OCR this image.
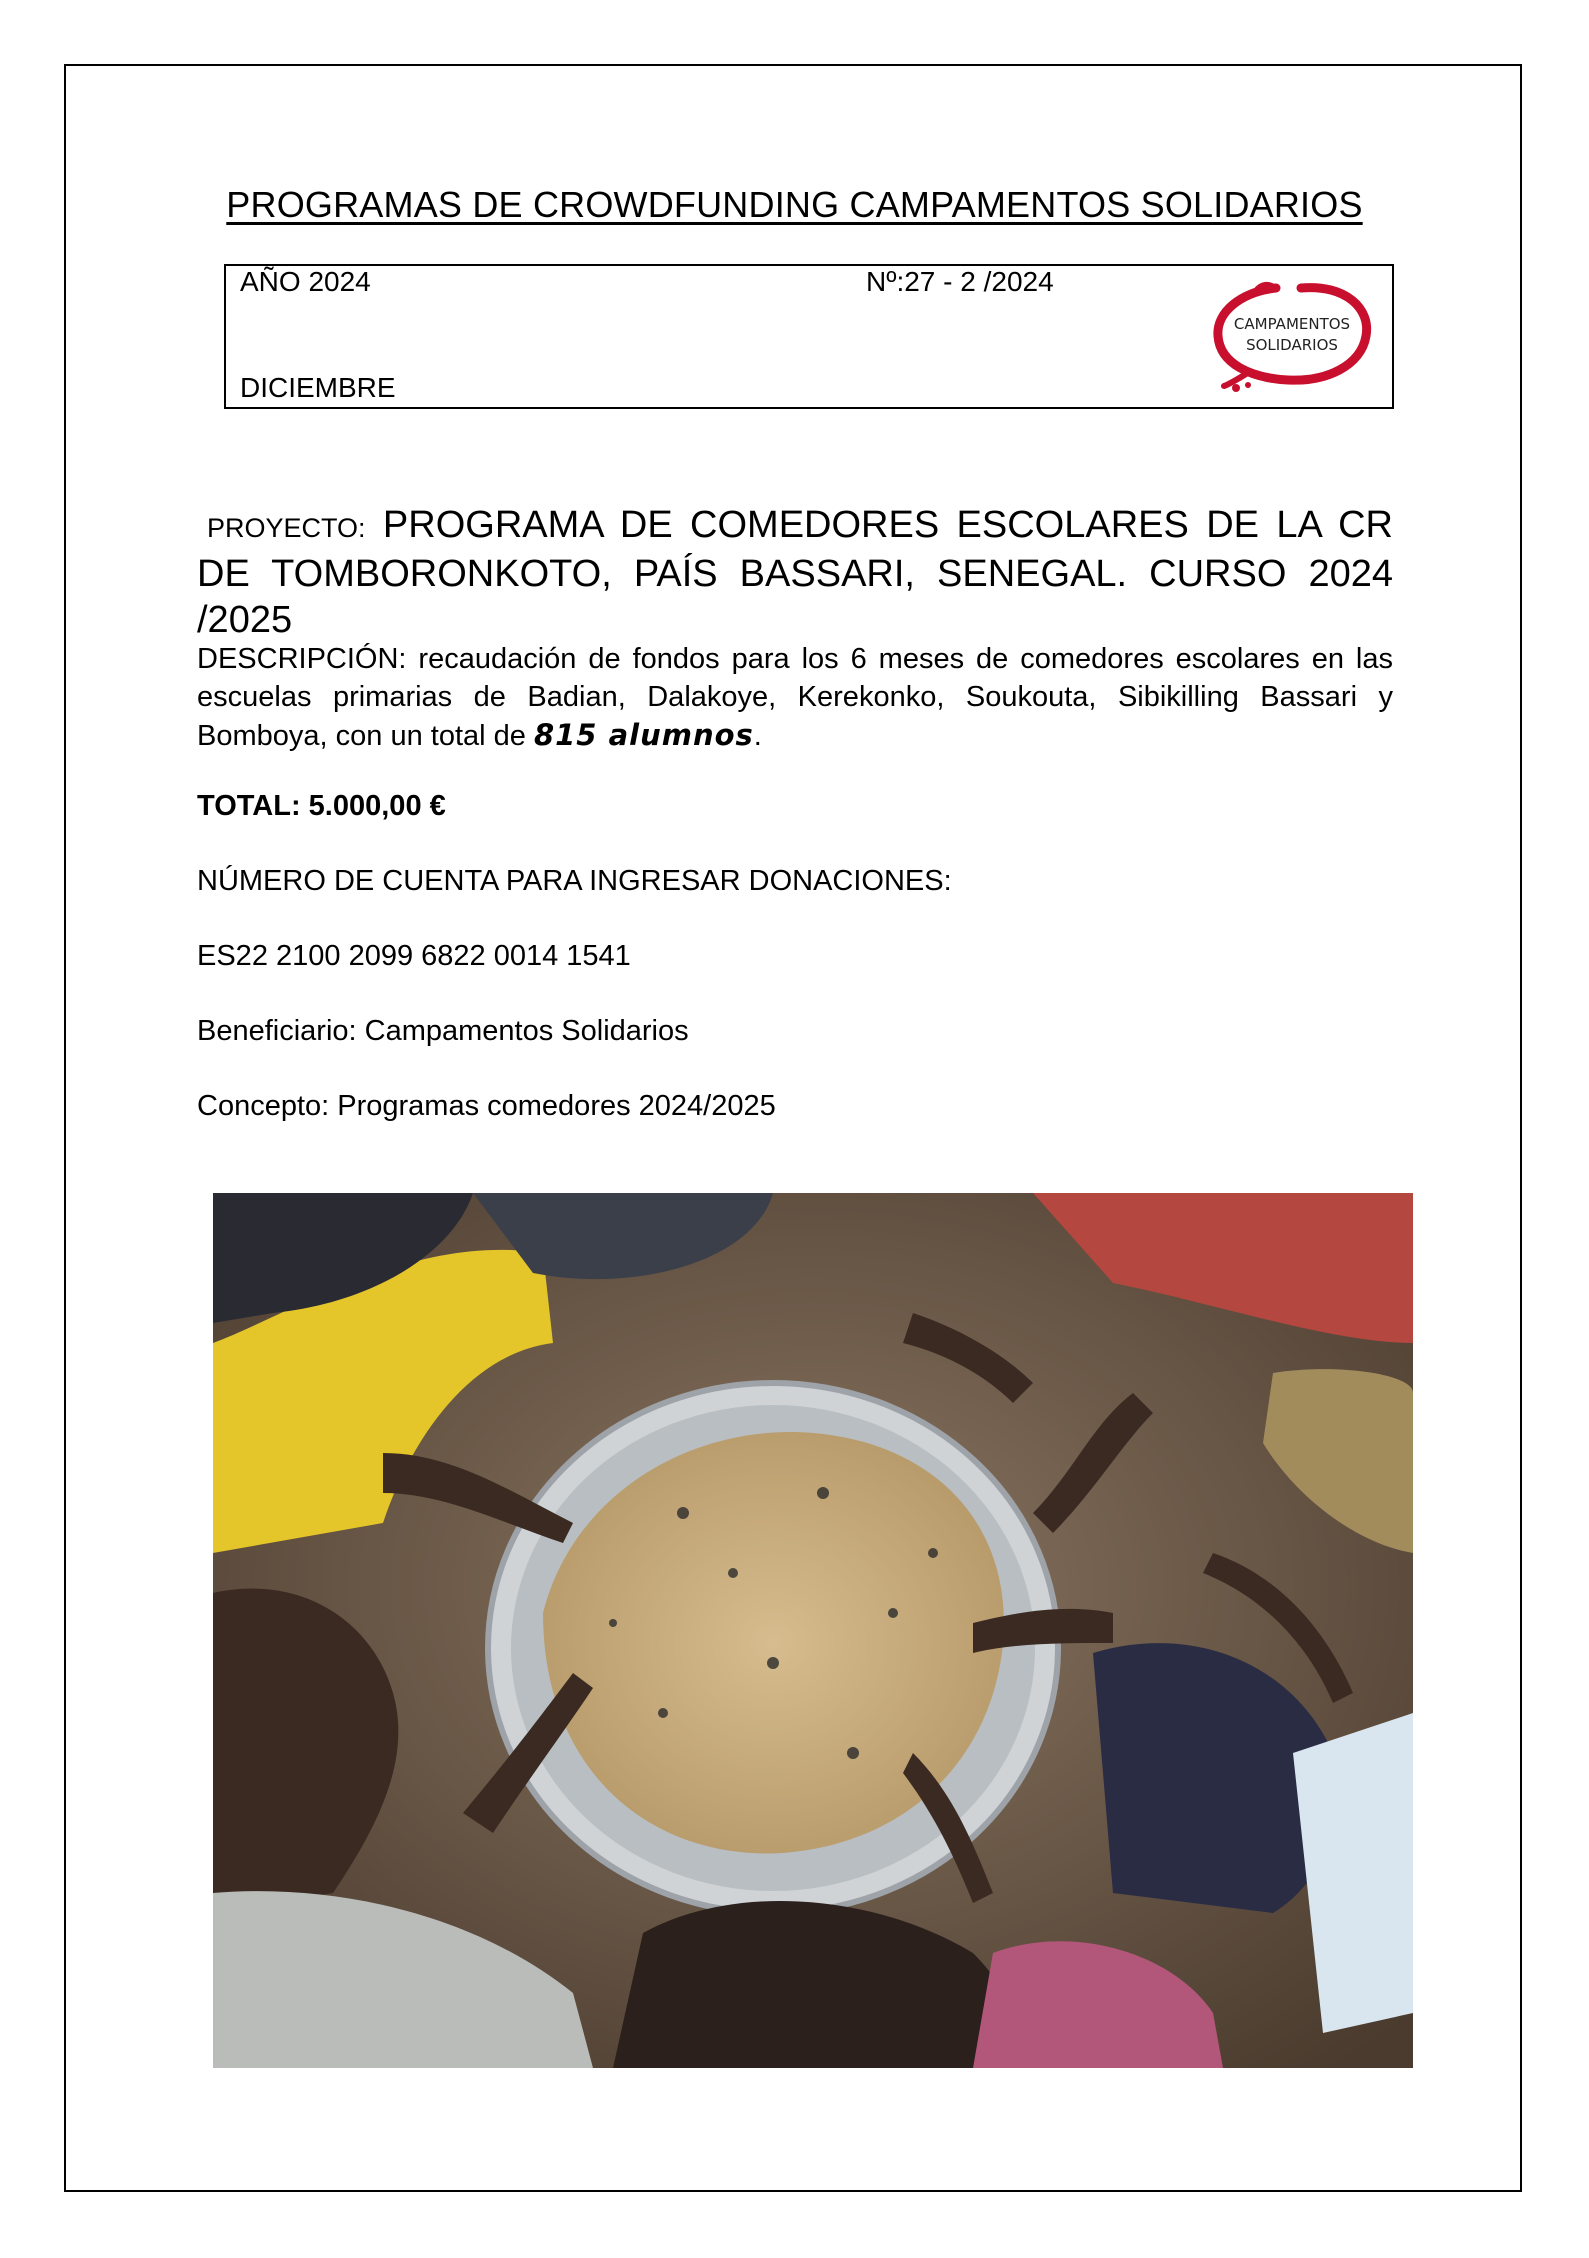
PROGRAMAS DE CROWDFUNDING CAMPAMENTOS SOLIDARIOS
AÑO 2024	Nº:27 - 2 /2024
DICIEMBRE
CAMPAMENTOS
SOLIDARIOS
PROYECTO: PROGRAMA DE COMEDORES ESCOLARES DE LA CR DE TOMBORONKOTO, PAÍS BASSARI, SENEGAL. CURSO 2024 /2025
DESCRIPCIÓN: recaudación de fondos para los 6 meses de comedores escolares en las escuelas primarias de Badian, Dalakoye, Kerekonko, Soukouta, Sibikilling Bassari y Bomboya, con un total de 815 alumnos.
TOTAL: 5.000,00 €
NÚMERO DE CUENTA PARA INGRESAR DONACIONES:
ES22 2100 2099 6822 0014 1541
Beneficiario: Campamentos Solidarios
Concepto: Programas comedores 2024/2025
